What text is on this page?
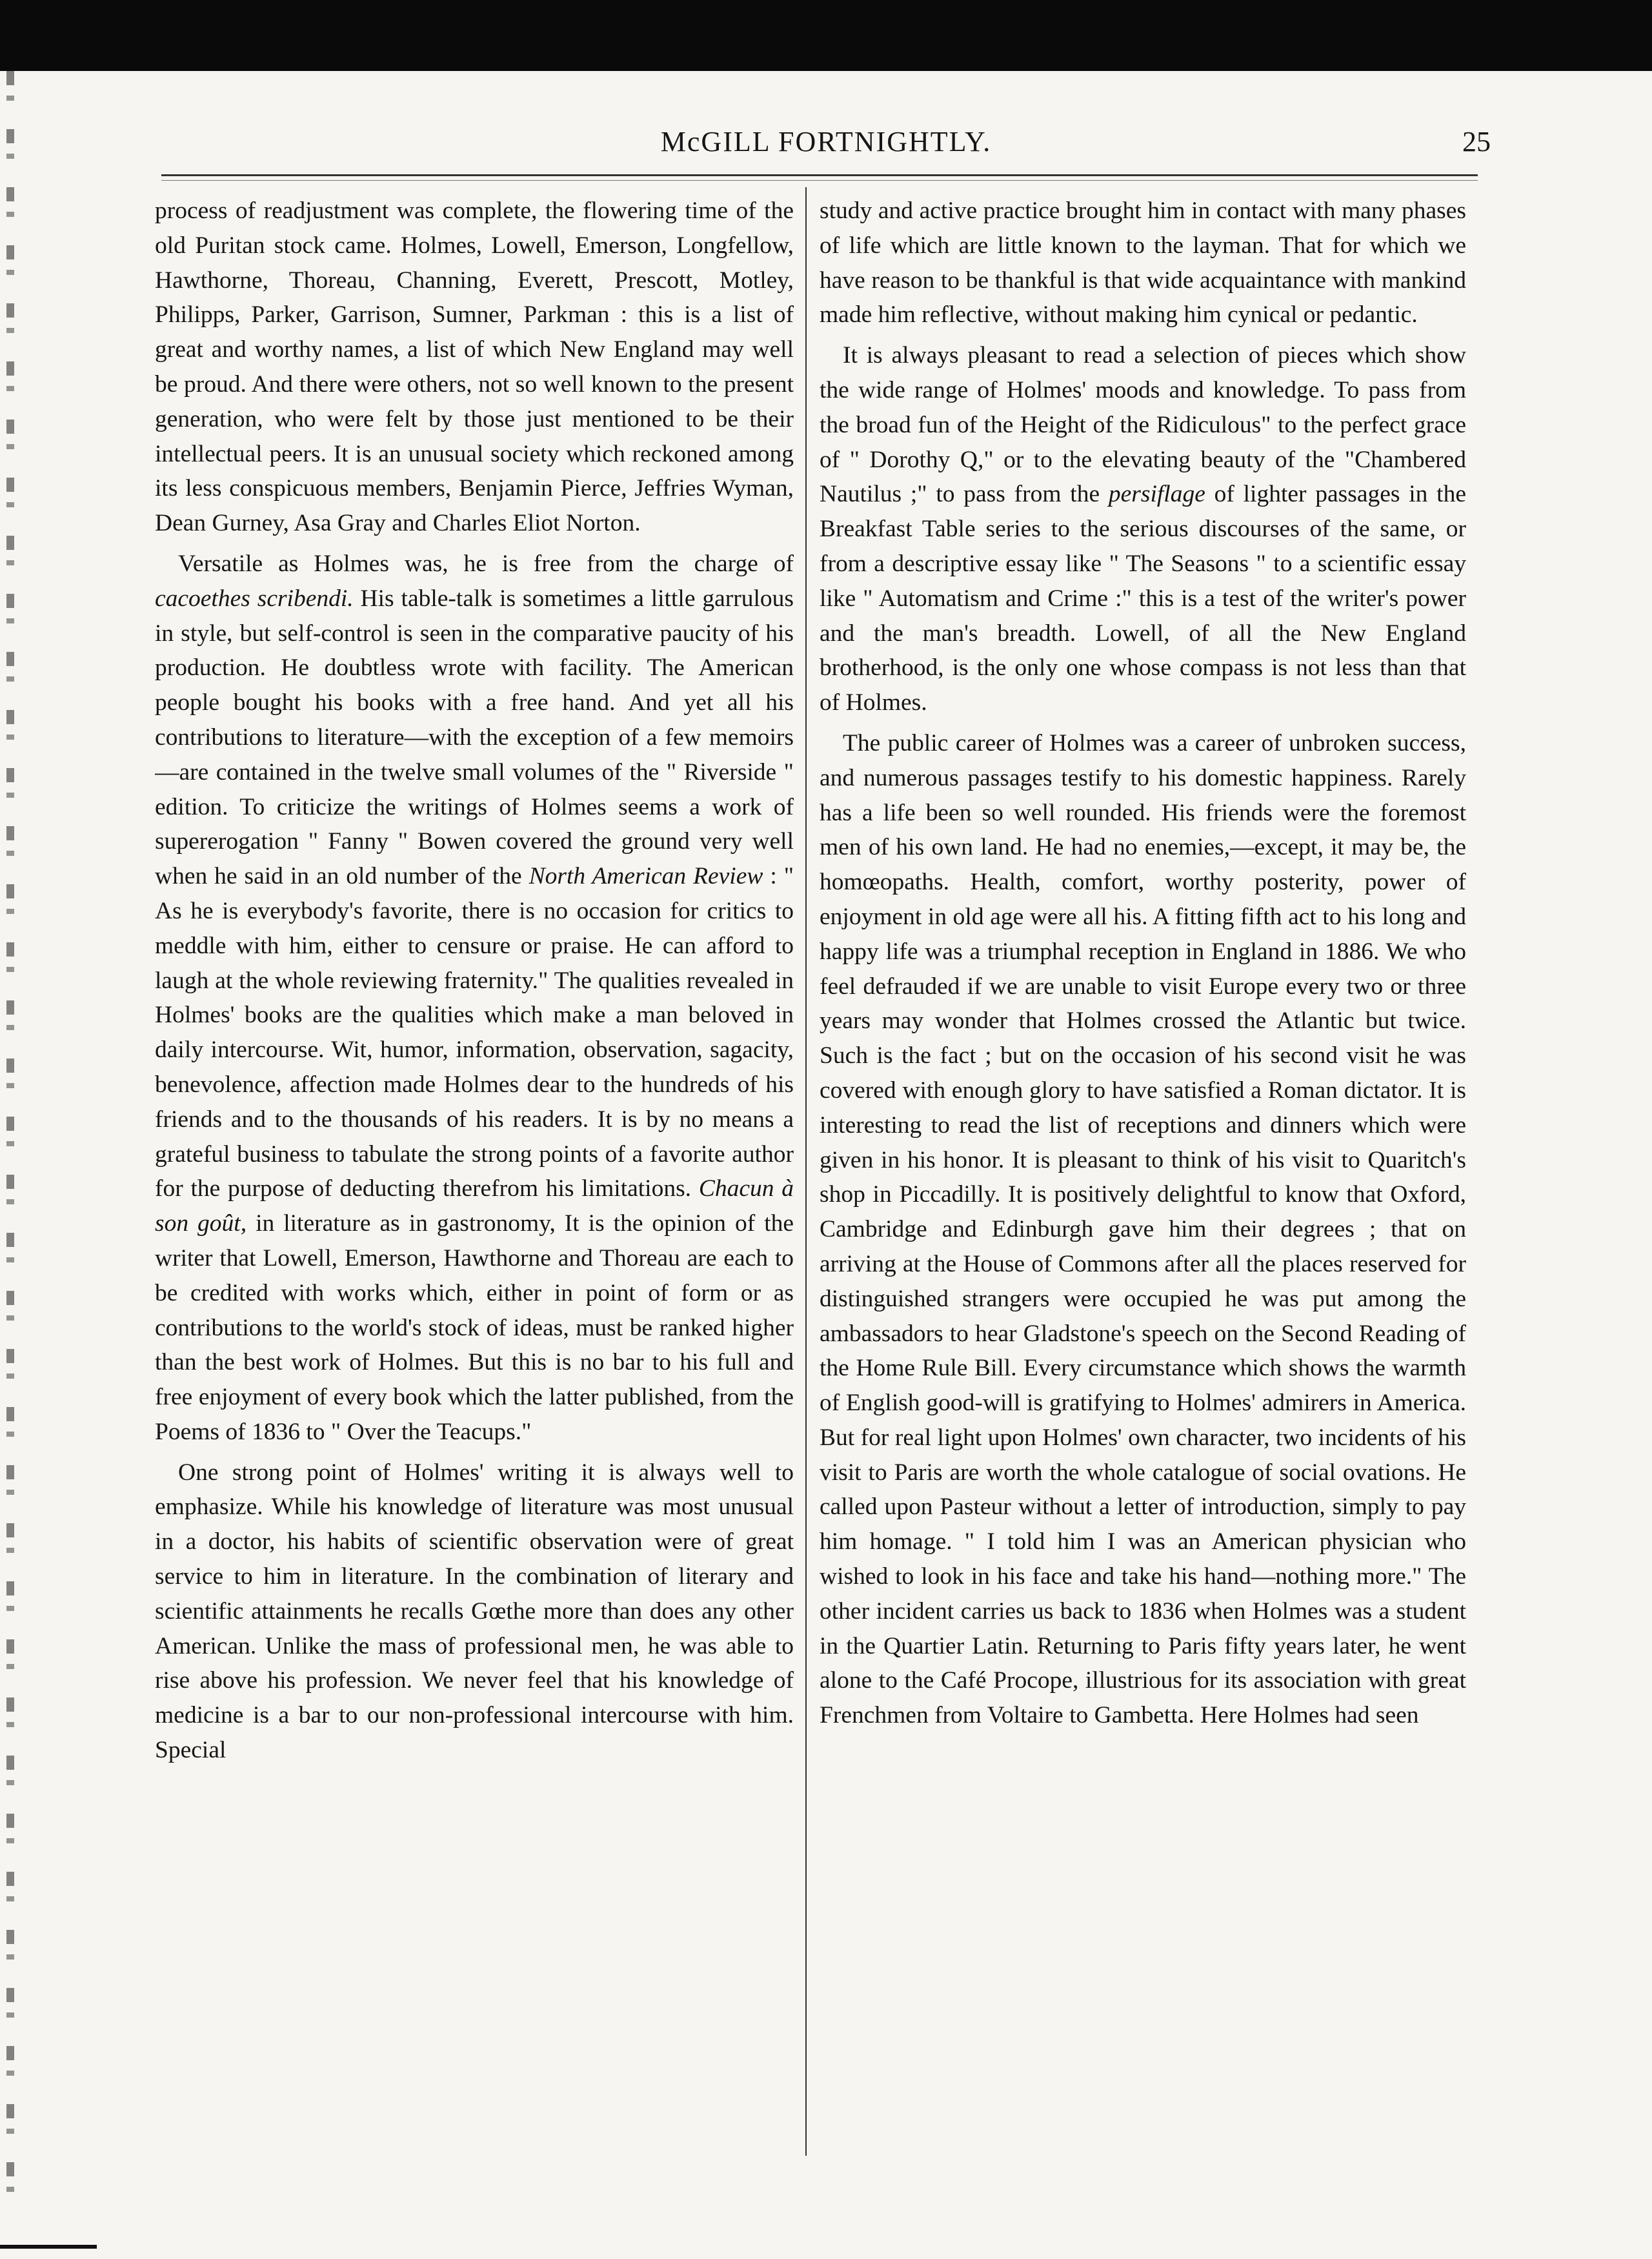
McGILL FORTNIGHTLY.	25

process of readjustment was complete, the flowering time of the old Puritan stock came. Holmes, Lowell, Emerson, Longfellow, Hawthorne, Thoreau, Channing, Everett, Prescott, Motley, Philipps, Parker, Garrison, Sumner, Parkman : this is a list of great and worthy names, a list of which New England may well be proud. And there were others, not so well known to the present generation, who were felt by those just mentioned to be their intellectual peers. It is an unusual society which reckoned among its less conspicuous members, Benjamin Pierce, Jeffries Wyman, Dean Gurney, Asa Gray and Charles Eliot Norton.

Versatile as Holmes was, he is free from the charge of cacoethes scribendi. His table-talk is sometimes a little garrulous in style, but self-control is seen in the comparative paucity of his production. He doubtless wrote with facility. The American people bought his books with a free hand. And yet all his contributions to literature—with the exception of a few memoirs—are contained in the twelve small volumes of the " Riverside " edition. To criticize the writings of Holmes seems a work of supererogation " Fanny " Bowen covered the ground very well when he said in an old number of the North American Review : " As he is everybody's favorite, there is no occasion for critics to meddle with him, either to censure or praise. He can afford to laugh at the whole reviewing fraternity." The qualities revealed in Holmes' books are the qualities which make a man beloved in daily intercourse. Wit, humor, information, observation, sagacity, benevolence, affection made Holmes dear to the hundreds of his friends and to the thousands of his readers. It is by no means a grateful business to tabulate the strong points of a favorite author for the purpose of deducting therefrom his limitations. Chacun à son goût, in literature as in gastronomy, It is the opinion of the writer that Lowell, Emerson, Hawthorne and Thoreau are each to be credited with works which, either in point of form or as contributions to the world's stock of ideas, must be ranked higher than the best work of Holmes. But this is no bar to his full and free enjoyment of every book which the latter published, from the Poems of 1836 to " Over the Teacups."

One strong point of Holmes' writing it is always well to emphasize. While his knowledge of literature was most unusual in a doctor, his habits of scientific observation were of great service to him in literature. In the combination of literary and scientific attainments he recalls Gœthe more than does any other American. Unlike the mass of professional men, he was able to rise above his profession. We never feel that his knowledge of medicine is a bar to our non-professional intercourse with him. Special

study and active practice brought him in contact with many phases of life which are little known to the layman. That for which we have reason to be thankful is that wide acquaintance with mankind made him reflective, without making him cynical or pedantic.

It is always pleasant to read a selection of pieces which show the wide range of Holmes' moods and knowledge. To pass from the broad fun of the Height of the Ridiculous" to the perfect grace of " Dorothy Q," or to the elevating beauty of the "Chambered Nautilus ;" to pass from the persiflage of lighter passages in the Breakfast Table series to the serious discourses of the same, or from a descriptive essay like " The Seasons " to a scientific essay like " Automatism and Crime :" this is a test of the writer's power and the man's breadth. Lowell, of all the New England brotherhood, is the only one whose compass is not less than that of Holmes.

The public career of Holmes was a career of unbroken success, and numerous passages testify to his domestic happiness. Rarely has a life been so well rounded. His friends were the foremost men of his own land. He had no enemies,—except, it may be, the homœopaths. Health, comfort, worthy posterity, power of enjoyment in old age were all his. A fitting fifth act to his long and happy life was a triumphal reception in England in 1886. We who feel defrauded if we are unable to visit Europe every two or three years may wonder that Holmes crossed the Atlantic but twice. Such is the fact ; but on the occasion of his second visit he was covered with enough glory to have satisfied a Roman dictator. It is interesting to read the list of receptions and dinners which were given in his honor. It is pleasant to think of his visit to Quaritch's shop in Piccadilly. It is positively delightful to know that Oxford, Cambridge and Edinburgh gave him their degrees ; that on arriving at the House of Commons after all the places reserved for distinguished strangers were occupied he was put among the ambassadors to hear Gladstone's speech on the Second Reading of the Home Rule Bill. Every circumstance which shows the warmth of English good-will is gratifying to Holmes' admirers in America. But for real light upon Holmes' own character, two incidents of his visit to Paris are worth the whole catalogue of social ovations. He called upon Pasteur without a letter of introduction, simply to pay him homage. " I told him I was an American physician who wished to look in his face and take his hand—nothing more." The other incident carries us back to 1836 when Holmes was a student in the Quartier Latin. Returning to Paris fifty years later, he went alone to the Café Procope, illustrious for its association with great Frenchmen from Voltaire to Gambetta. Here Holmes had seen
